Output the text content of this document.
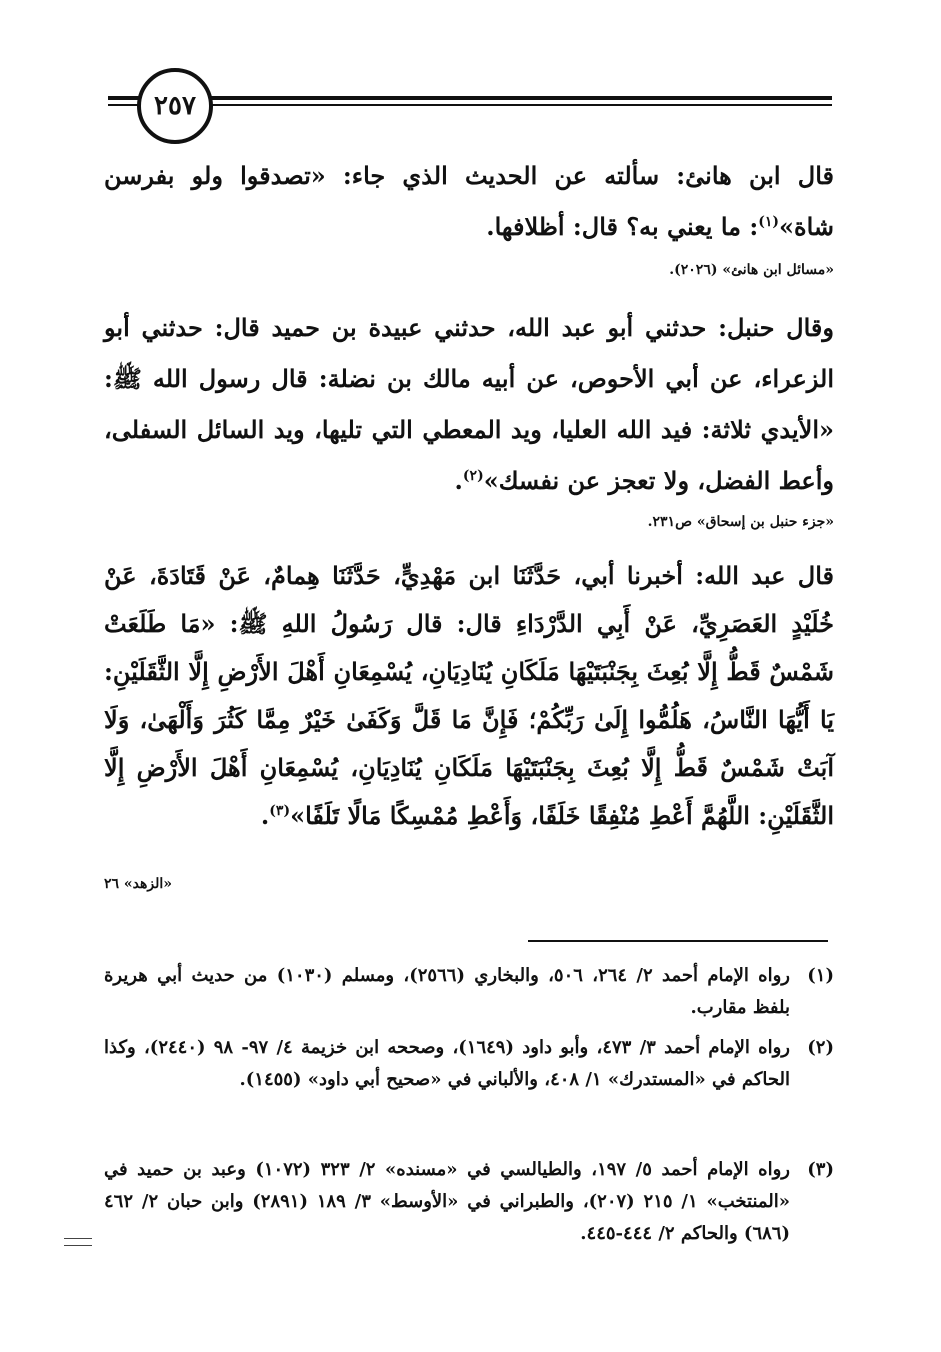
٢٥٧
قال ابن هانئ: سألته عن الحديث الذي جاء: «تصدقوا ولو بفرسن شاة»$^{(١)}$: ما يعني به؟ قال: أظلافها.
«مسائل ابن هانئ» (٢٠٢٦).
وقال حنبل: حدثني أبو عبد الله، حدثني عبيدة بن حميد قال: حدثني أبو الزعراء، عن أبي الأحوص، عن أبيه مالك بن نضلة: قال رسول الله ﷺ: «الأيدي ثلاثة: فيد الله العليا، ويد المعطي التي تليها، ويد السائل السفلى، وأعط الفضل، ولا تعجز عن نفسك»$^{(٢)}$.
«جزء حنبل بن إسحاق» ص٢٣١.
قال عبد الله: أخبرنا أبي، حَدَّثَنَا ابن مَهْدِيٍّ، حَدَّثَنَا هِمامٌ، عَنْ قَتَادَةَ، عَنْ خُلَيْدٍ العَصَرِيِّ، عَنْ أَبِي الدَّرْدَاءِ قال: قال رَسُولُ اللهِ ﷺ: «مَا طَلَعَتْ شَمْسٌ قَطُّ إِلَّا بُعِثَ بِجَنْبَتَيْهَا مَلَكَانِ يُنَادِيَانِ، يُسْمِعَانِ أَهْلَ الأَرْضِ إِلَّا الثَّقَلَيْنِ: يَا أَيُّهَا النَّاسُ، هَلُمُّوا إِلَىٰ رَبِّكُمْ؛ فَإِنَّ مَا قَلَّ وَكَفَىٰ خَيْرٌ مِمَّا كَثُرَ وَأَلْهَىٰ، وَلَا آبَتْ شَمْسٌ قَطُّ إِلَّا بُعِثَ بِجَنْبَتَيْهَا مَلَكَانِ يُنَادِيَانِ، يُسْمِعَانِ أَهْلَ الأَرْضِ إِلَّا الثَّقَلَيْنِ: اللَّهُمَّ أَعْطِ مُنْفِقًا خَلَفًا، وَأَعْطِ مُمْسِكًا مَالًا تَلَفًا»$^{(٣)}$.
«الزهد» ٢٦
(١)
رواه الإمام أحمد ٢/ ٢٦٤، ٥٠٦، والبخاري (٢٥٦٦)، ومسلم (١٠٣٠) من حديث أبي هريرة بلفظ مقارب.
(٢)
رواه الإمام أحمد ٣/ ٤٧٣، وأبو داود (١٦٤٩)، وصححه ابن خزيمة ٤/ ٩٧- ٩٨ (٢٤٤٠)، وكذا الحاكم في «المستدرك» ١/ ٤٠٨، والألباني في «صحيح أبي داود» (١٤٥٥).
(٣)
رواه الإمام أحمد ٥/ ١٩٧، والطيالسي في «مسنده» ٢/ ٣٢٣ (١٠٧٢) وعبد بن حميد في «المنتخب» ١/ ٢١٥ (٢٠٧)، والطبراني في «الأوسط» ٣/ ١٨٩ (٢٨٩١) وابن حبان ٢/ ٤٦٢ (٦٨٦) والحاكم ٢/ ٤٤٤-٤٤٥.
